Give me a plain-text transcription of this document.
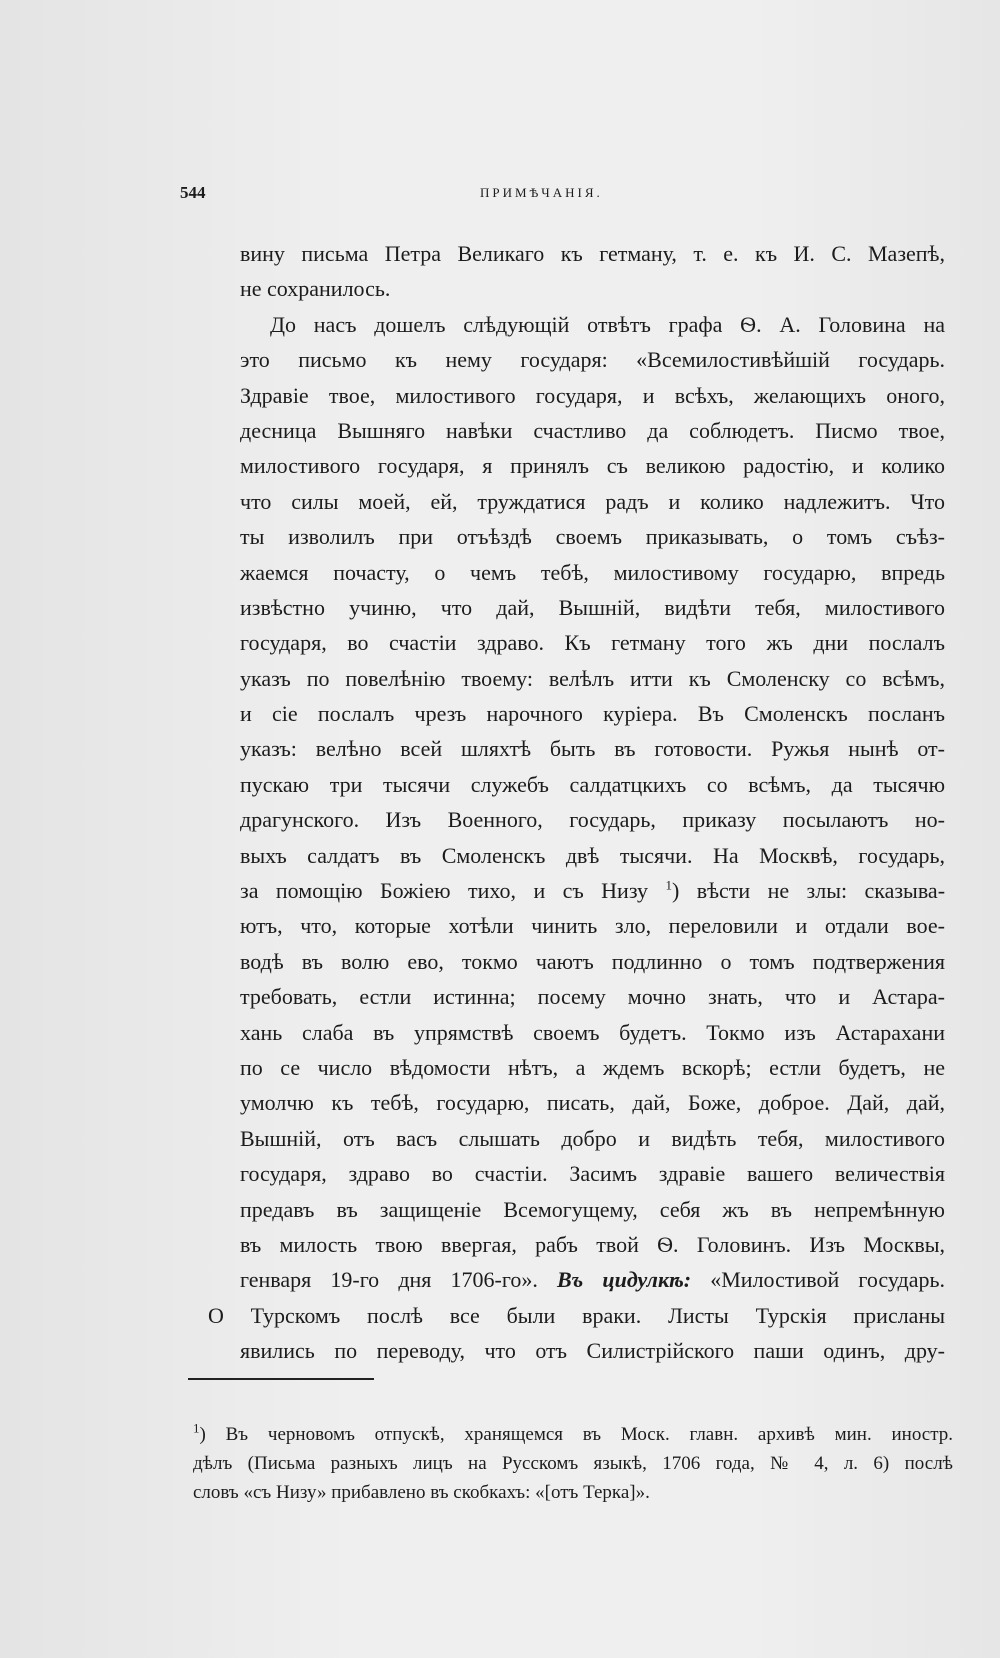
544	ПРИМѢЧАНІЯ.
вину письма Петра Великаго къ гетману, т. е. къ И. С. Мазепѣ,
не сохранилось.
До насъ дошелъ слѣдующій отвѣтъ графа Ѳ. А. Головина на
это письмо къ нему государя: «Всемилостивѣйшій государь.
Здравіе твое, милостивого государя, и всѣхъ, желающихъ оного,
десница Вышняго навѣки счастливо да соблюдетъ. Писмо твое,
милостивого государя, я принялъ съ великою радостію, и колико
что силы моей, ей, труждатися радъ и колико надлежитъ. Что
ты изволилъ при отъѣздѣ своемъ приказывать, о томъ съѣз-
жаемся почасту, о чемъ тебѣ, милостивому государю, впредь
извѣстно учиню, что дай, Вышній, видѣти тебя, милостивого
государя, во счастіи здраво. Къ гетману того жъ дни послалъ
указъ по повелѣнію твоему: велѣлъ итти къ Смоленску со всѣмъ,
и сіе послалъ чрезъ нарочного куріера. Въ Смоленскъ посланъ
указъ: велѣно всей шляхтѣ быть въ готовости. Ружья нынѣ от-
пускаю три тысячи служебъ салдатцкихъ со всѣмъ, да тысячю
драгунского. Изъ Военного, государь, приказу посылаютъ но-
выхъ салдатъ въ Смоленскъ двѣ тысячи. На Москвѣ, государь,
за помощію Божіею тихо, и съ Низу $^1$) вѣсти не злы: сказыва-
ютъ, что, которые хотѣли чинить зло, переловили и отдали вое-
водѣ въ волю ево, токмо чаютъ подлинно о томъ подтвержения
требовать, естли истинна; посему мочно знать, что и Астара-
хань слаба въ упрямствѣ своемъ будетъ. Токмо изъ Астарахани
по се число вѣдомости нѣтъ, а ждемъ вскорѣ; естли будетъ, не
умолчю къ тебѣ, государю, писать, дай, Боже, доброе. Дай, дай,
Вышній, отъ васъ слышать добро и видѣть тебя, милостивого
государя, здраво во счастіи. Засимъ здравіе вашего величествія
предавъ въ защищеніе Всемогущему, себя жъ въ непремѣнную
въ милость твою ввергая, рабъ твой Ѳ. Головинъ. Изъ Москвы,
генваря 19-го дня 1706-го». Въ цидулкѣ: «Милостивой государь.
О Турскомъ послѣ все были враки. Листы Турскія присланы
явились по переводу, что отъ Силистрійского паши одинъ, дру-
$^1$) Въ черновомъ отпускѣ, хранящемся въ Моск. главн. архивѣ мин. иностр.
дѣлъ (Письма разныхъ лицъ на Русскомъ языкѣ, 1706 года, № 4, л. 6) послѣ
словъ «съ Низу» прибавлено въ скобкахъ: «[отъ Терка]».
